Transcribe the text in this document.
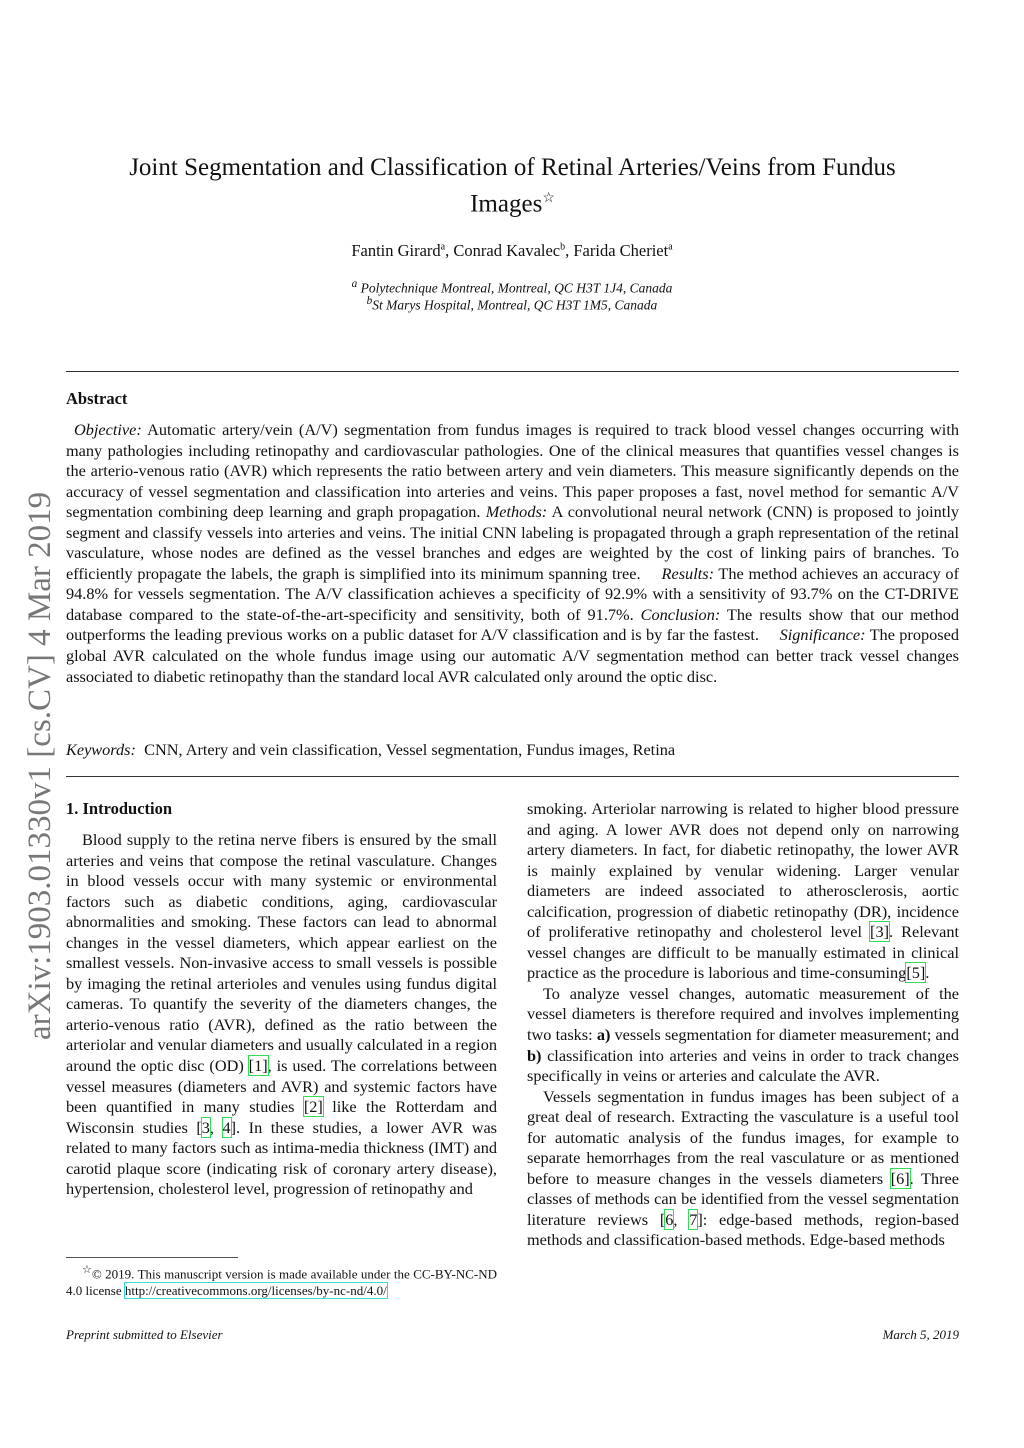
arXiv:1903.01330v1 [cs.CV] 4 Mar 2019
Joint Segmentation and Classification of Retinal Arteries/Veins from Fundus Images☆
Fantin Girard$^a$, Conrad Kavalec$^b$, Farida Cheriet$^a$
$^a$ Polytechnique Montreal, Montreal, QC H3T 1J4, Canada
$^b$St Marys Hospital, Montreal, QC H3T 1M5, Canada
Abstract

Objective: Automatic artery/vein (A/V) segmentation from fundus images is required to track blood vessel changes occurring with many pathologies including retinopathy and cardiovascular pathologies. One of the clinical measures that quantifies vessel changes is the arterio-venous ratio (AVR) which represents the ratio between artery and vein diameters. This measure significantly depends on the accuracy of vessel segmentation and classification into arteries and veins. This paper proposes a fast, novel method for semantic A/V segmentation combining deep learning and graph propagation. Methods: A convolutional neural network (CNN) is proposed to jointly segment and classify vessels into arteries and veins. The initial CNN labeling is propagated through a graph representation of the retinal vasculature, whose nodes are defined as the vessel branches and edges are weighted by the cost of linking pairs of branches. To efficiently propagate the labels, the graph is simplified into its minimum spanning tree.  Results: The method achieves an accuracy of 94.8% for vessels segmentation. The A/V classification achieves a specificity of 92.9% with a sensitivity of 93.7% on the CT-DRIVE database compared to the state-of-the-art-specificity and sensitivity, both of 91.7%. Conclusion: The results show that our method outperforms the leading previous works on a public dataset for A/V classification and is by far the fastest.  Significance: The proposed global AVR calculated on the whole fundus image using our automatic A/V segmentation method can better track vessel changes associated to diabetic retinopathy than the standard local AVR calculated only around the optic disc.

Keywords: CNN, Artery and vein classification, Vessel segmentation, Fundus images, Retina
1. Introduction

Blood supply to the retina nerve fibers is ensured by the small arteries and veins that compose the retinal vasculature. Changes in blood vessels occur with many systemic or environmental factors such as diabetic conditions, aging, cardiovascular abnormalities and smoking. These factors can lead to abnormal changes in the vessel diameters, which appear earliest on the smallest vessels. Non-invasive access to small vessels is possible by imaging the retinal arterioles and venules using fundus digital cameras. To quantify the severity of the diameters changes, the arterio-venous ratio (AVR), defined as the ratio between the arteriolar and venular diameters and usually calculated in a region around the optic disc (OD) [1], is used. The correlations between vessel measures (diameters and AVR) and systemic factors have been quantified in many studies [2] like the Rotterdam and Wisconsin studies [3, 4]. In these studies, a lower AVR was related to many factors such as intima-media thickness (IMT) and carotid plaque score (indicating risk of coronary artery disease), hypertension, cholesterol level, progression of retinopathy and

smoking. Arteriolar narrowing is related to higher blood pressure and aging. A lower AVR does not depend only on narrowing artery diameters. In fact, for diabetic retinopathy, the lower AVR is mainly explained by venular widening. Larger venular diameters are indeed associated to atherosclerosis, aortic calcification, progression of diabetic retinopathy (DR), incidence of proliferative retinopathy and cholesterol level [3]. Relevant vessel changes are difficult to be manually estimated in clinical practice as the procedure is laborious and time-consuming[5].

To analyze vessel changes, automatic measurement of the vessel diameters is therefore required and involves implementing two tasks: a) vessels segmentation for diameter measurement; and b) classification into arteries and veins in order to track changes specifically in veins or arteries and calculate the AVR.

Vessels segmentation in fundus images has been subject of a great deal of research. Extracting the vasculature is a useful tool for automatic analysis of the fundus images, for example to separate hemorrhages from the real vasculature or as mentioned before to measure changes in the vessels diameters [6]. Three classes of methods can be identified from the vessel segmentation literature reviews [6, 7]: edge-based methods, region-based methods and classification-based methods. Edge-based methods

☆© 2019. This manuscript version is made available under the CC-BY-NC-ND 4.0 license http://creativecommons.org/licenses/by-nc-nd/4.0/
Preprint submitted to Elsevier	March 5, 2019
